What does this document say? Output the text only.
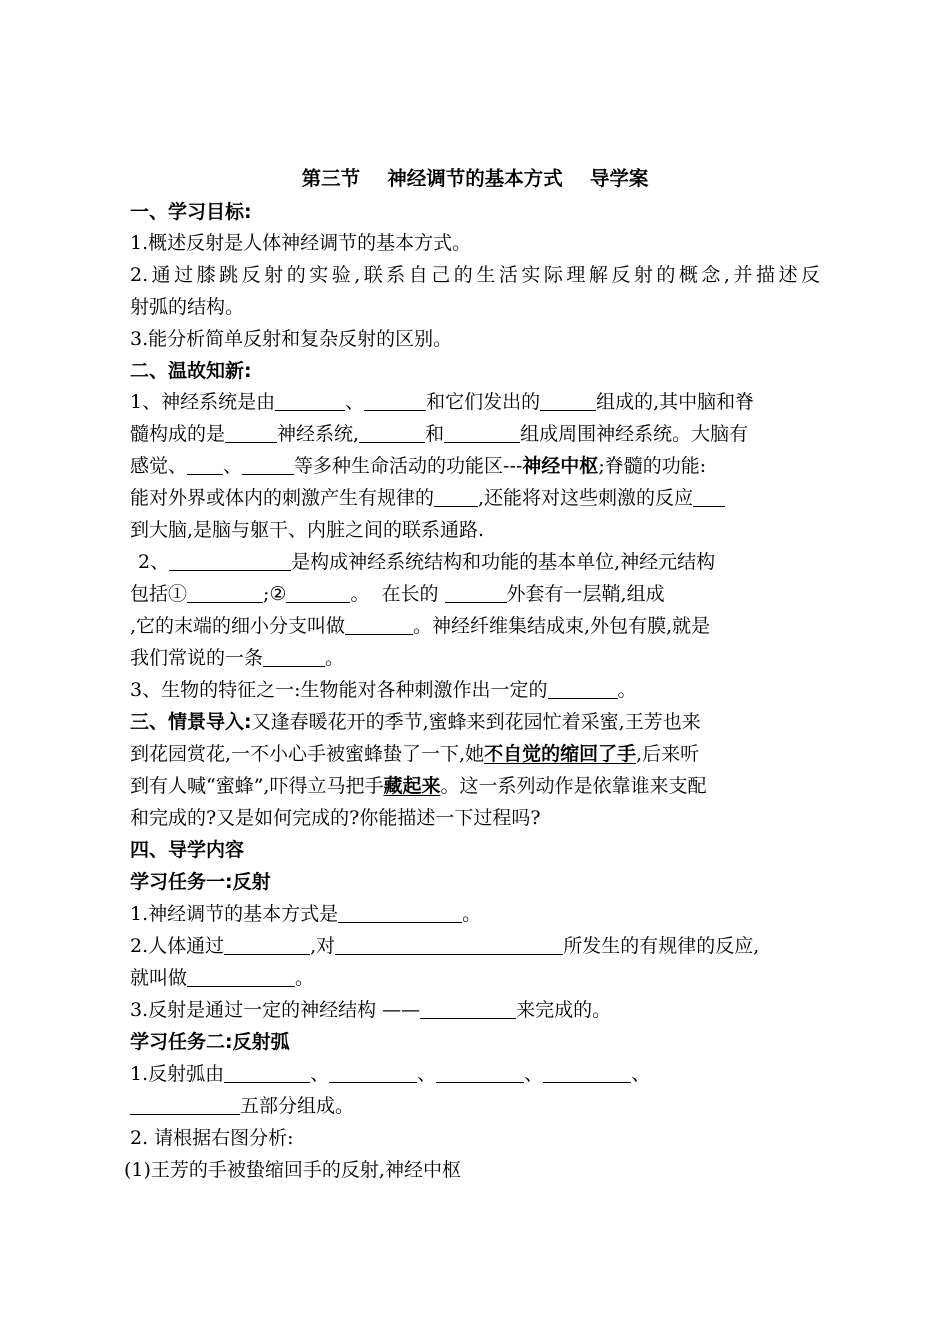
第三节    神经调节的基本方式    导学案
一、学习目标:
1.概述反射是人体神经调节的基本方式。
2.通过膝跳反射的实验,联系自己的生活实际理解反射的概念,并描述反
射弧的结构。
3.能分析简单反射和复杂反射的区别。
二、温故知新:
1、神经系统是由	、	和它们发出的	组成的,其中脑和脊
髓构成的是	神经系统,	和	组成周围神经系统。大脑有
感觉、 、	等多种生命活动的功能区---神经中枢;脊髓的功能:
能对外界或体内的刺激产生有规律的 ,还能将对这些刺激的反应
到大脑,是脑与躯干、内脏之间的联系通路.
2、	是构成神经系统结构和功能的基本单位,神经元结构
包括①	;②	。  在长的	外套有一层鞘,组成
,它的末端的细小分支叫做	。神经纤维集结成束,外包有膜,就是
我们常说的一条	。
3、生物的特征之一:生物能对各种刺激作出一定的	。
三、情景导入:又逢春暖花开的季节,蜜蜂来到花园忙着采蜜,王芳也来
到花园赏花,一不小心手被蜜蜂蛰了一下,她不自觉的缩回了手,后来听
到有人喊“蜜蜂”,吓得立马把手藏起来。这一系列动作是依靠谁来支配
和完成的?又是如何完成的?你能描述一下过程吗?
四、导学内容
学习任务一:反射
1.神经调节的基本方式是	。
2.人体通过	,对	所发生的有规律的反应,
就叫做	。
3.反射是通过一定的神经结构 ——	来完成的。
学习任务二:反射弧
1.反射弧由	、	、	、	、
五部分组成。
2. 请根据右图分析:
(1)王芳的手被蛰缩回手的反射,神经中枢
